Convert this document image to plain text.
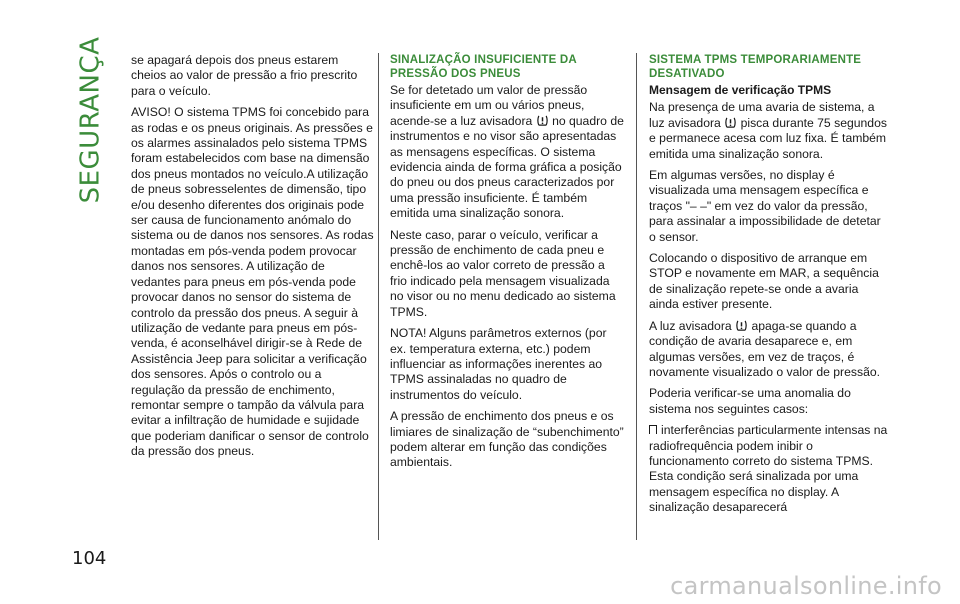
SEGURANÇA se apagará depois dos pneus estarem cheios ao valor de pressão a frio prescrito para o veículo.

AVISO! O sistema TPMS foi concebido para as rodas e os pneus originais. As pressões e os alarmes assinalados pelo sistema TPMS foram estabelecidos com base na dimensão dos pneus montados no veículo.A utilização de pneus sobresselentes de dimensão, tipo e/ou desenho diferentes dos originais pode ser causa de funcionamento anómalo do sistema ou de danos nos sensores. As rodas montadas em pós-venda podem provocar danos nos sensores. A utilização de vedantes para pneus em pós-venda pode provocar danos no sensor do sistema de controlo da pressão dos pneus. A seguir à utilização de vedante para pneus em pós-venda, é aconselhável dirigir-se à Rede de Assistência Jeep para solicitar a verificação dos sensores. Após o controlo ou a regulação da pressão de enchimento, remontar sempre o tampão da válvula para evitar a infiltração de humidade e sujidade que poderiam danificar o sensor de controlo da pressão dos pneus.

SINALIZAÇÃO INSUFICIENTE DA PRESSÃO DOS PNEUS

Se for detetado um valor de pressão insuficiente em um ou vários pneus, acende-se a luz avisadora no quadro de instrumentos e no visor são apresentadas as mensagens específicas. O sistema evidencia ainda de forma gráfica a posição do pneu ou dos pneus caracterizados por uma pressão insuficiente. É também emitida uma sinalização sonora.

Neste caso, parar o veículo, verificar a pressão de enchimento de cada pneu e enchê-los ao valor correto de pressão a frio indicado pela mensagem visualizada no visor ou no menu dedicado ao sistema TPMS.

NOTA! Alguns parâmetros externos (por ex. temperatura externa, etc.) podem influenciar as informações inerentes ao TPMS assinaladas no quadro de instrumentos do veículo.

A pressão de enchimento dos pneus e os limiares de sinalização de “subenchimento” podem alterar em função das condições ambientais.

SISTEMA TPMS TEMPORARIAMENTE DESATIVADO
Mensagem de verificação TPMS

Na presença de uma avaria de sistema, a luz avisadora pisca durante 75 segundos e permanece acesa com luz fixa. É também emitida uma sinalização sonora.

Em algumas versões, no display é visualizada uma mensagem específica e traços "– –" em vez do valor da pressão, para assinalar a impossibilidade de detetar o sensor.

Colocando o dispositivo de arranque em STOP e novamente em MAR, a sequência de sinalização repete-se onde a avaria ainda estiver presente.

A luz avisadora apaga-se quando a condição de avaria desaparece e, em algumas versões, em vez de traços, é novamente visualizado o valor de pressão.

Poderia verificar-se uma anomalia do sistema nos seguintes casos:

interferências particularmente intensas na radiofrequência podem inibir o funcionamento correto do sistema TPMS. Esta condição será sinalizada por uma mensagem específica no display. A sinalização desaparecerá

104
carmanualsonline.info
